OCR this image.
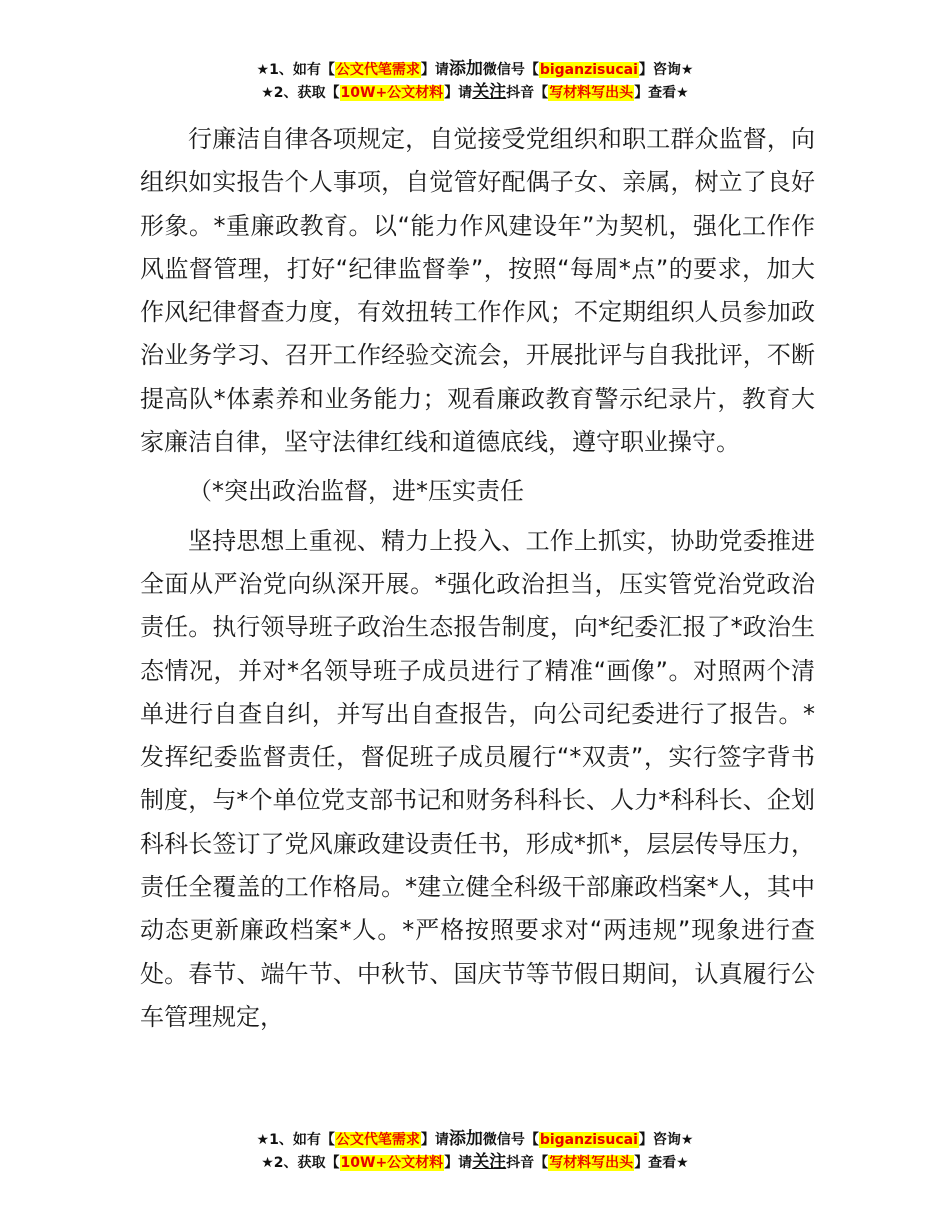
★1、如有【公文代笔需求】请添加微信号【biganzisucai】咨询★
★2、获取【10W+公文材料】请关注抖音【写材料写出头】查看★

行廉洁自律各项规定，自觉接受党组织和职工群众监督，向组织如实报告个人事项，自觉管好配偶子女、亲属，树立了良好形象。*重廉政教育。以“能力作风建设年”为契机，强化工作作风监督管理，打好“纪律监督拳”，按照“每周*点”的要求，加大作风纪律督查力度，有效扭转工作作风；不定期组织人员参加政治业务学习、召开工作经验交流会，开展批评与自我批评，不断提高队*体素养和业务能力；观看廉政教育警示纪录片，教育大家廉洁自律，坚守法律红线和道德底线，遵守职业操守。

（*突出政治监督，进*压实责任

坚持思想上重视、精力上投入、工作上抓实，协助党委推进全面从严治党向纵深开展。*强化政治担当，压实管党治党政治责任。执行领导班子政治生态报告制度，向*纪委汇报了*政治生态情况，并对*名领导班子成员进行了精准“画像”。对照两个清单进行自查自纠，并写出自查报告，向公司纪委进行了报告。*发挥纪委监督责任，督促班子成员履行“*双责”，实行签字背书制度，与*个单位党支部书记和财务科科长、人力*科科长、企划科科长签订了党风廉政建设责任书，形成*抓*，层层传导压力，责任全覆盖的工作格局。*建立健全科级干部廉政档案*人，其中动态更新廉政档案*人。*严格按照要求对“两违规”现象进行查处。春节、端午节、中秋节、国庆节等节假日期间，认真履行公车管理规定，

★1、如有【公文代笔需求】请添加微信号【biganzisucai】咨询★
★2、获取【10W+公文材料】请关注抖音【写材料写出头】查看★
